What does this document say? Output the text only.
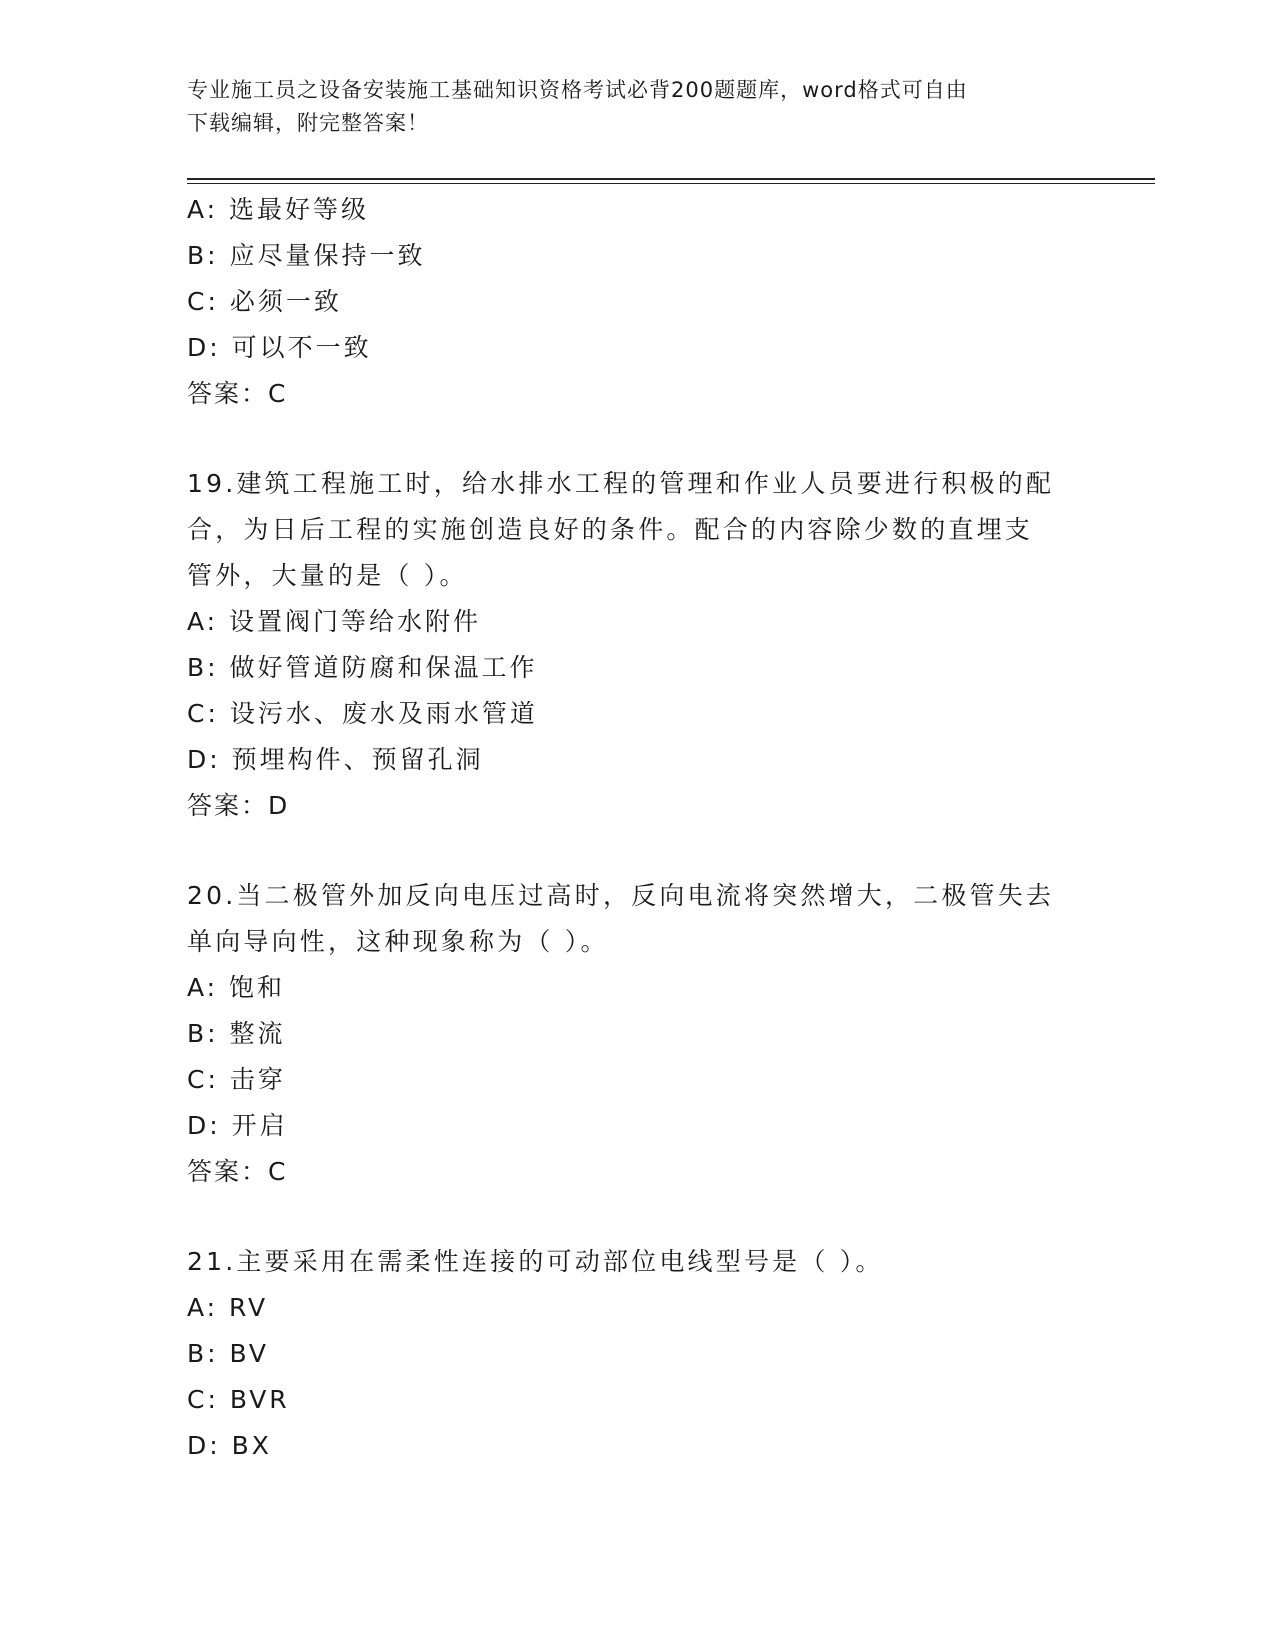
专业施工员之设备安装施工基础知识资格考试必背200题题库，word格式可自由
下载编辑，附完整答案！
A: 选最好等级
B: 应尽量保持一致
C: 必须一致
D: 可以不一致
答案：C
19.建筑工程施工时，给水排水工程的管理和作业人员要进行积极的配
合，为日后工程的实施创造良好的条件。配合的内容除少数的直埋支
管外，大量的是（ ）。
A: 设置阀门等给水附件
B: 做好管道防腐和保温工作
C: 设污水、废水及雨水管道
D: 预埋构件、预留孔洞
答案：D
20.当二极管外加反向电压过高时，反向电流将突然增大，二极管失去
单向导向性，这种现象称为（ ）。
A: 饱和
B: 整流
C: 击穿
D: 开启
答案：C
21.主要采用在需柔性连接的可动部位电线型号是（ ）。
A: RV
B: BV
C: BVR
D: BX
